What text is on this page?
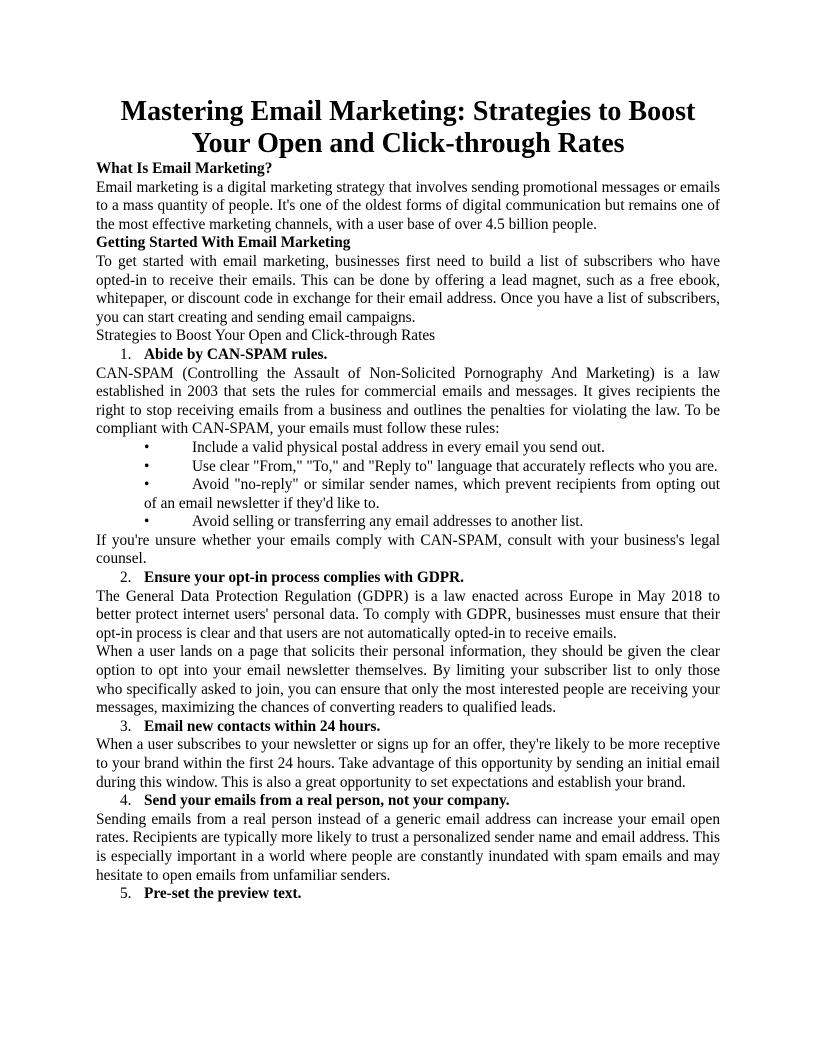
Mastering Email Marketing: Strategies to Boost Your Open and Click-through Rates
What Is Email Marketing?

Email marketing is a digital marketing strategy that involves sending promotional messages or emails to a mass quantity of people. It's one of the oldest forms of digital communication but remains one of the most effective marketing channels, with a user base of over 4.5 billion people.

Getting Started With Email Marketing

To get started with email marketing, businesses first need to build a list of subscribers who have opted-in to receive their emails. This can be done by offering a lead magnet, such as a free ebook, whitepaper, or discount code in exchange for their email address. Once you have a list of subscribers, you can start creating and sending email campaigns.

Strategies to Boost Your Open and Click-through Rates

1. Abide by CAN-SPAM rules.

CAN-SPAM (Controlling the Assault of Non-Solicited Pornography And Marketing) is a law established in 2003 that sets the rules for commercial emails and messages. It gives recipients the right to stop receiving emails from a business and outlines the penalties for violating the law. To be compliant with CAN-SPAM, your emails must follow these rules:

•	Include a valid physical postal address in every email you send out.
•	Use clear "From," "To," and "Reply to" language that accurately reflects who you are.
•	Avoid "no-reply" or similar sender names, which prevent recipients from opting out of an email newsletter if they'd like to.
•	Avoid selling or transferring any email addresses to another list.

If you're unsure whether your emails comply with CAN-SPAM, consult with your business's legal counsel.

2. Ensure your opt-in process complies with GDPR.

The General Data Protection Regulation (GDPR) is a law enacted across Europe in May 2018 to better protect internet users' personal data. To comply with GDPR, businesses must ensure that their opt-in process is clear and that users are not automatically opted-in to receive emails.

When a user lands on a page that solicits their personal information, they should be given the clear option to opt into your email newsletter themselves. By limiting your subscriber list to only those who specifically asked to join, you can ensure that only the most interested people are receiving your messages, maximizing the chances of converting readers to qualified leads.

3. Email new contacts within 24 hours.

When a user subscribes to your newsletter or signs up for an offer, they're likely to be more receptive to your brand within the first 24 hours. Take advantage of this opportunity by sending an initial email during this window. This is also a great opportunity to set expectations and establish your brand.

4. Send your emails from a real person, not your company.

Sending emails from a real person instead of a generic email address can increase your email open rates. Recipients are typically more likely to trust a personalized sender name and email address. This is especially important in a world where people are constantly inundated with spam emails and may hesitate to open emails from unfamiliar senders.

5. Pre-set the preview text.
